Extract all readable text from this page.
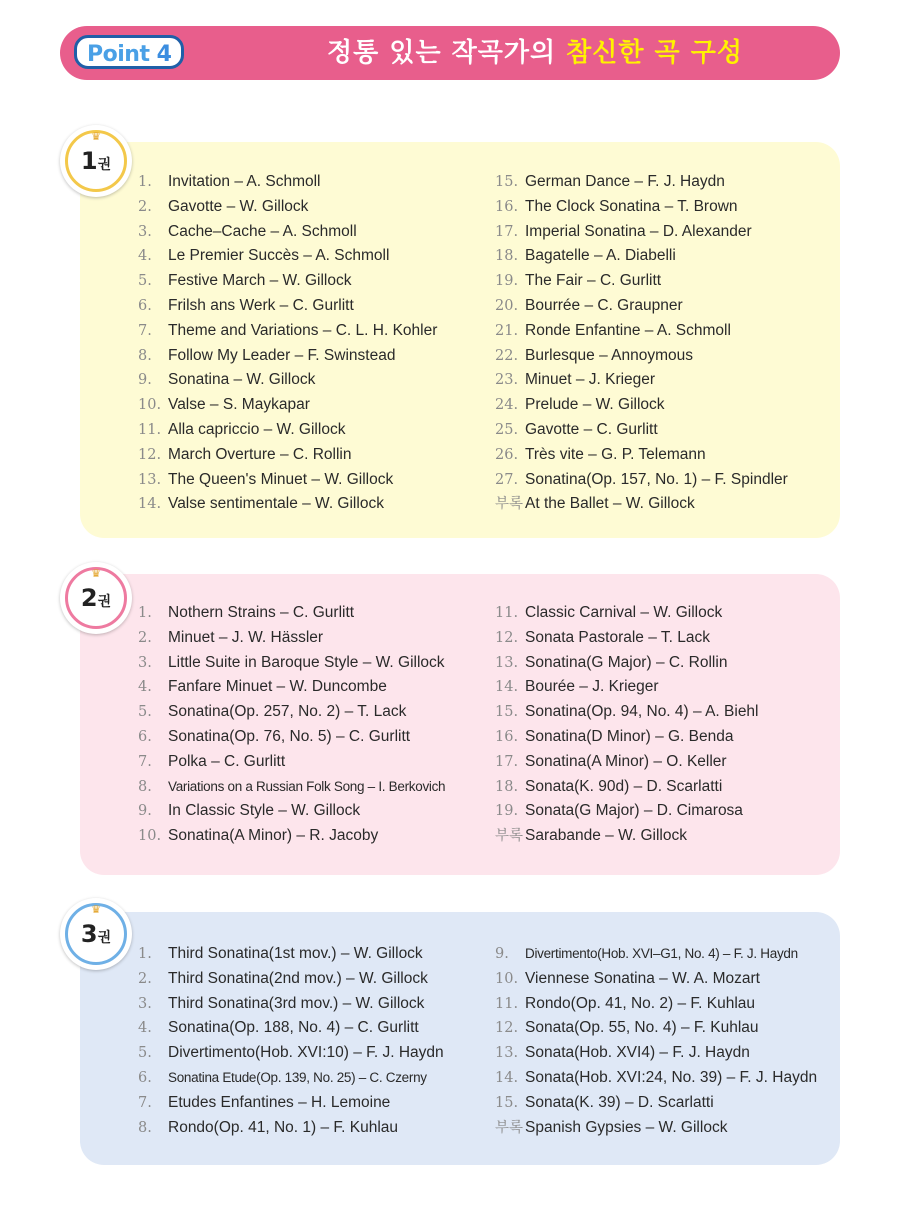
Point 4	정통 있는 작곡가의 참신한 곡 구성
♛
1권
♛
2권
♛
3권
1. Invitation – A. Schmoll
2. Gavotte – W. Gillock
3. Cache–Cache – A. Schmoll
4. Le Premier Succès – A. Schmoll
5. Festive March – W. Gillock
6. Frilsh ans Werk – C. Gurlitt
7. Theme and Variations – C. L. H. Kohler
8. Follow My Leader – F. Swinstead
9. Sonatina – W. Gillock
10. Valse – S. Maykapar
11. Alla capriccio – W. Gillock
12. March Overture – C. Rollin
13. The Queen's Minuet – W. Gillock
14. Valse sentimentale – W. Gillock
15. German Dance – F. J. Haydn
16. The Clock Sonatina – T. Brown
17. Imperial Sonatina – D. Alexander
18. Bagatelle – A. Diabelli
19. The Fair – C. Gurlitt
20. Bourrée – C. Graupner
21. Ronde Enfantine – A. Schmoll
22. Burlesque – Annoymous
23. Minuet – J. Krieger
24. Prelude – W. Gillock
25. Gavotte – C. Gurlitt
26. Très vite – G. P. Telemann
27. Sonatina(Op. 157, No. 1) – F. Spindler
부록 At the Ballet – W. Gillock
1. Nothern Strains – C. Gurlitt
2. Minuet – J. W. Hässler
3. Little Suite in Baroque Style – W. Gillock
4. Fanfare Minuet – W. Duncombe
5. Sonatina(Op. 257, No. 2) – T. Lack
6. Sonatina(Op. 76, No. 5) – C. Gurlitt
7. Polka – C. Gurlitt
8. Variations on a Russian Folk Song – I. Berkovich
9. In Classic Style – W. Gillock
10. Sonatina(A Minor) – R. Jacoby
11. Classic Carnival – W. Gillock
12. Sonata Pastorale – T. Lack
13. Sonatina(G Major) – C. Rollin
14. Bourée – J. Krieger
15. Sonatina(Op. 94, No. 4) – A. Biehl
16. Sonatina(D Minor) – G. Benda
17. Sonatina(A Minor) – O. Keller
18. Sonata(K. 90d) – D. Scarlatti
19. Sonata(G Major) – D. Cimarosa
부록 Sarabande – W. Gillock
1. Third Sonatina(1st mov.) – W. Gillock
2. Third Sonatina(2nd mov.) – W. Gillock
3. Third Sonatina(3rd mov.) – W. Gillock
4. Sonatina(Op. 188, No. 4) – C. Gurlitt
5. Divertimento(Hob. XVI:10) – F. J. Haydn
6. Sonatina Etude(Op. 139, No. 25) – C. Czerny
7. Etudes Enfantines – H. Lemoine
8. Rondo(Op. 41, No. 1) – F. Kuhlau
9. Divertimento(Hob. XVI–G1, No. 4) – F. J. Haydn
10. Viennese Sonatina – W. A. Mozart
11. Rondo(Op. 41, No. 2) – F. Kuhlau
12. Sonata(Op. 55, No. 4) – F. Kuhlau
13. Sonata(Hob. XVI4) – F. J. Haydn
14. Sonata(Hob. XVI:24, No. 39) – F. J. Haydn
15. Sonata(K. 39) – D. Scarlatti
부록 Spanish Gypsies – W. Gillock
